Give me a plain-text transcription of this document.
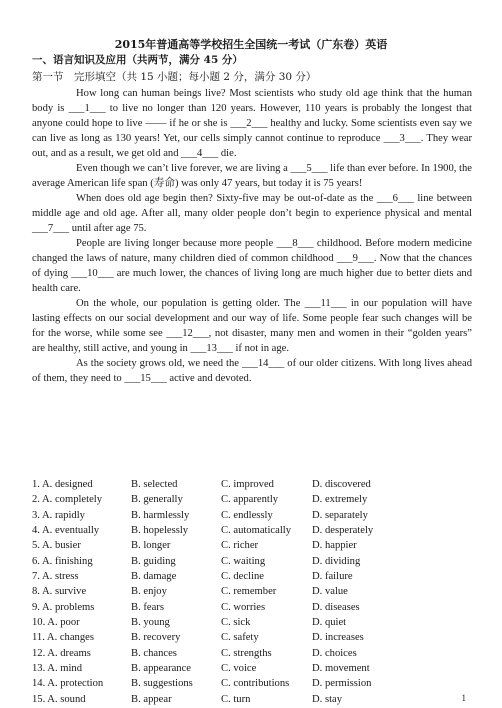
2015年普通高等学校招生全国统一考试（广东卷）英语
一、语言知识及应用（共两节，满分 45 分）
第一节　完形填空（共 15 小题；每小题 2 分，满分 30 分）

How long can human beings live? Most scientists who study old age think that the human body is ___1___ to live no longer than 120 years. However, 110 years is probably the longest that anyone could hope to live —— if he or she is ___2___ healthy and lucky. Some scientists even say we can live as long as 130 years! Yet, our cells simply cannot continue to reproduce ___3___. They wear out, and as a result, we get old and ___4___ die.

Even though we can’t live forever, we are living a ___5___ life than ever before. In 1900, the average American life span (寿命) was only 47 years, but today it is 75 years!

When does old age begin then? Sixty-five may be out-of-date as the ___6___ line between middle age and old age. After all, many older people don’t begin to experience physical and mental ___7___ until after age 75.

People are living longer because more people ___8___ childhood. Before modern medicine changed the laws of nature, many children died of common childhood ___9___. Now that the chances of dying ___10___ are much lower, the chances of living long are much higher due to better diets and health care.

On the whole, our population is getting older. The ___11___ in our population will have lasting effects on our social development and our way of life. Some people fear such changes will be for the worse, while some see ___12___, not disaster, many men and women in their “golden years” are healthy, still active, and young in ___13___ if not in age.

As the society grows old, we need the ___14___ of our older citizens. With long lives ahead of them, they need to ___15___ active and devoted.

1. A. designed	B. selected	C. improved	D. discovered
2. A. completely	B. generally	C. apparently	D. extremely
3. A. rapidly	B. harmlessly	C. endlessly	D. separately
4. A. eventually	B. hopelessly	C. automatically	D. desperately
5. A. busier	B. longer	C. richer	D. happier
6. A. finishing	B. guiding	C. waiting	D. dividing
7. A. stress	B. damage	C. decline	D. failure
8. A. survive	B. enjoy	C. remember	D. value
9. A. problems	B. fears	C. worries	D. diseases
10. A. poor	B. young	C. sick	D. quiet
11. A. changes	B. recovery	C. safety	D. increases
12. A. dreams	B. chances	C. strengths	D. choices
13. A. mind	B. appearance	C. voice	D. movement
14. A. protection	B. suggestions	C. contributions	D. permission
15. A. sound	B. appear	C. turn	D. stay	1
